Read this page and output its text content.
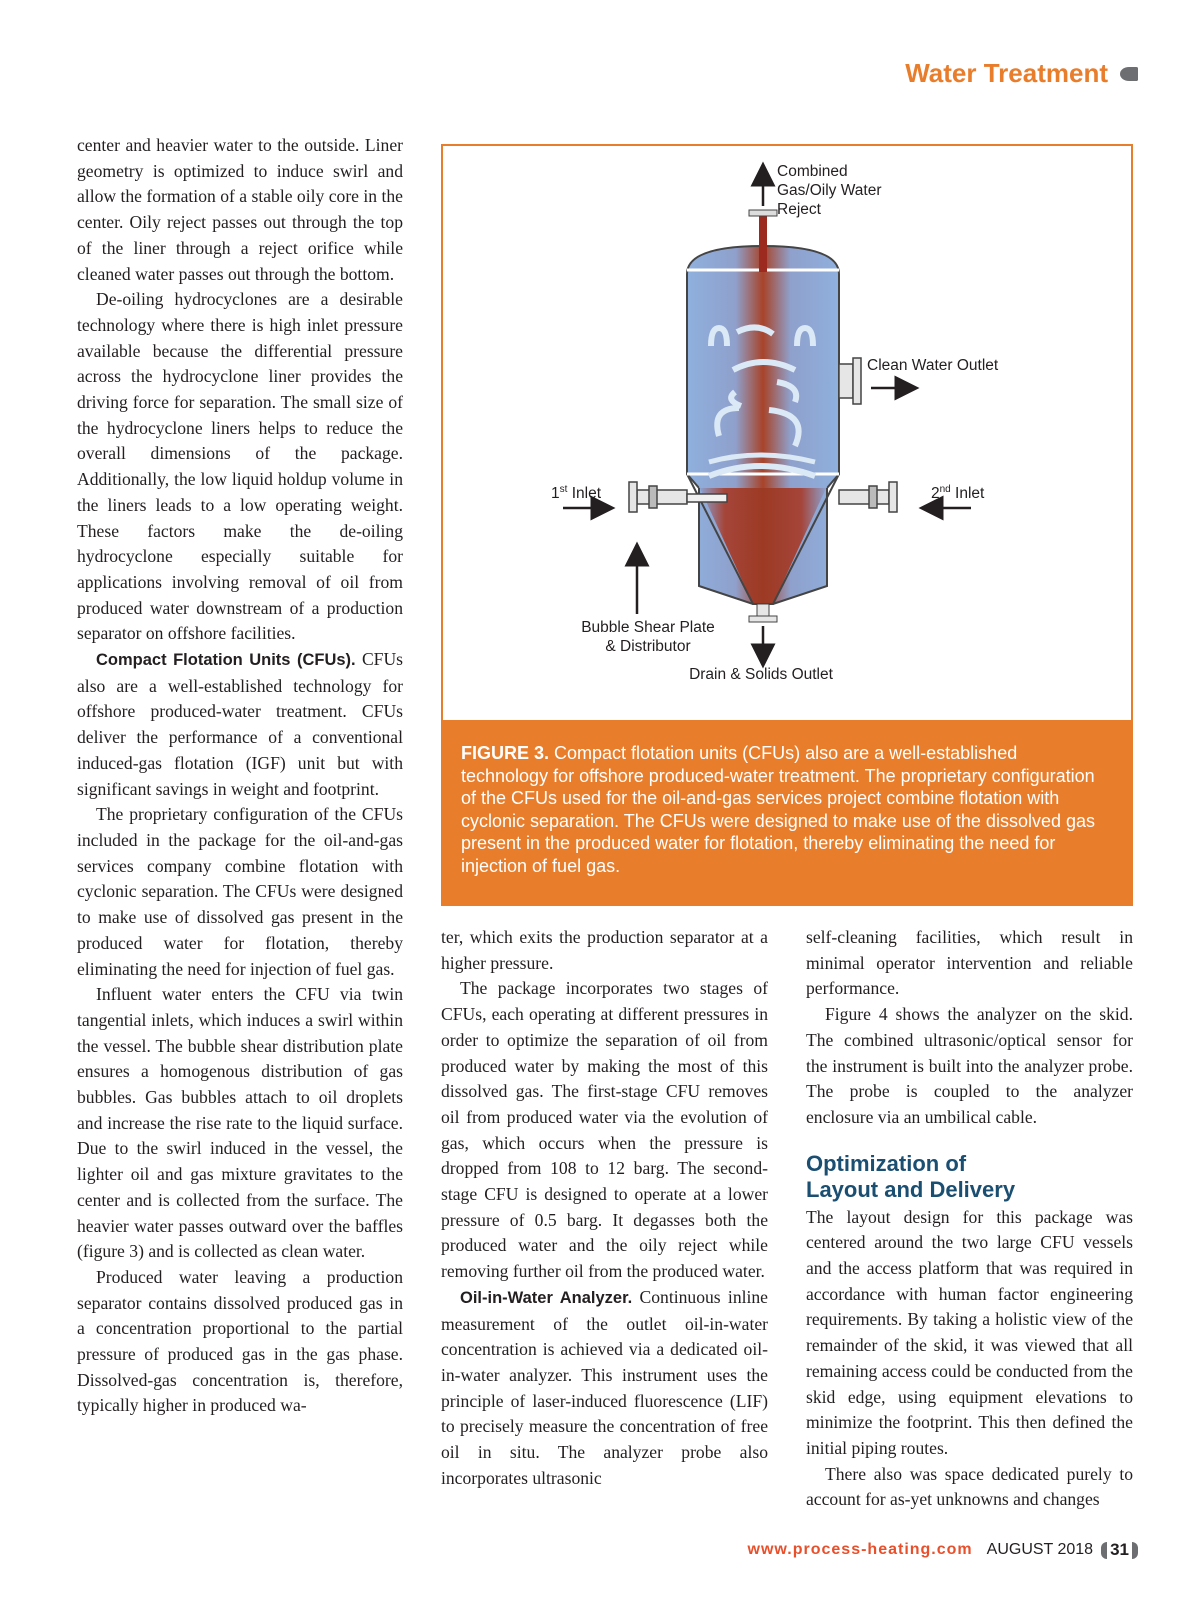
Water Treatment

center and heavier water to the outside. Liner geometry is optimized to induce swirl and allow the formation of a stable oily core in the center. Oily reject passes out through the top of the liner through a reject orifice while cleaned water passes out through the bottom.

De-oiling hydrocyclones are a desirable technology where there is high inlet pressure available because the differential pressure across the hydrocyclone liner provides the driving force for separation. The small size of the hydrocyclone liners helps to reduce the overall dimensions of the package. Additionally, the low liquid holdup volume in the liners leads to a low operating weight. These factors make the de-oiling hydrocyclone especially suitable for applications involving removal of oil from produced water downstream of a production separator on offshore facilities.

Compact Flotation Units (CFUs). CFUs also are a well-established technology for offshore produced-water treatment. CFUs deliver the performance of a conventional induced-gas flotation (IGF) unit but with significant savings in weight and footprint.

The proprietary configuration of the CFUs included in the package for the oil-and-gas services company combine flotation with cyclonic separation. The CFUs were designed to make use of dissolved gas present in the produced water for flotation, thereby eliminating the need for injection of fuel gas.

Influent water enters the CFU via twin tangential inlets, which induces a swirl within the vessel. The bubble shear distribution plate ensures a homogenous distribution of gas bubbles. Gas bubbles attach to oil droplets and increase the rise rate to the liquid surface. Due to the swirl induced in the vessel, the lighter oil and gas mixture gravitates to the center and is collected from the surface. The heavier water passes outward over the baffles (figure 3) and is collected as clean water.

Produced water leaving a production separator contains dissolved produced gas in a concentration proportional to the partial pressure of produced gas in the gas phase. Dissolved-gas concentration is, therefore, typically higher in produced wa-

Combined
Gas/Oily Water
Reject
Clean Water Outlet
1st Inlet	2nd Inlet
Bubble Shear Plate
& Distributor
Drain & Solids Outlet
FIGURE 3. Compact flotation units (CFUs) also are a well-established technology for offshore produced-water treatment. The proprietary configuration of the CFUs used for the oil-and-gas services project combine flotation with cyclonic separation. The CFUs were designed to make use of the dissolved gas present in the produced water for flotation, thereby eliminating the need for injection of fuel gas.

ter, which exits the production separator at a higher pressure.

The package incorporates two stages of CFUs, each operating at different pressures in order to optimize the separation of oil from produced water by making the most of this dissolved gas. The first-stage CFU removes oil from produced water via the evolution of gas, which occurs when the pressure is dropped from 108 to 12 barg. The second-stage CFU is designed to operate at a lower pressure of 0.5 barg. It degasses both the produced water and the oily reject while removing further oil from the produced water.

Oil-in-Water Analyzer. Continuous inline measurement of the outlet oil-in-water concentration is achieved via a dedicated oil-in-water analyzer. This instrument uses the principle of laser-induced fluorescence (LIF) to precisely measure the concentration of free oil in situ. The analyzer probe also incorporates ultrasonic

self-cleaning facilities, which result in minimal operator intervention and reliable performance.

Figure 4 shows the analyzer on the skid. The combined ultrasonic/optical sensor for the instrument is built into the analyzer probe. The probe is coupled to the analyzer enclosure via an umbilical cable.

Optimization of
Layout and Delivery

The layout design for this package was centered around the two large CFU vessels and the access platform that was required in accordance with human factor engineering requirements. By taking a holistic view of the remainder of the skid, it was viewed that all remaining access could be conducted from the skid edge, using equipment elevations to minimize the footprint. This then defined the initial piping routes.

There also was space dedicated purely to account for as-yet unknowns and changes

www.process-heating.com AUGUST 2018 31
